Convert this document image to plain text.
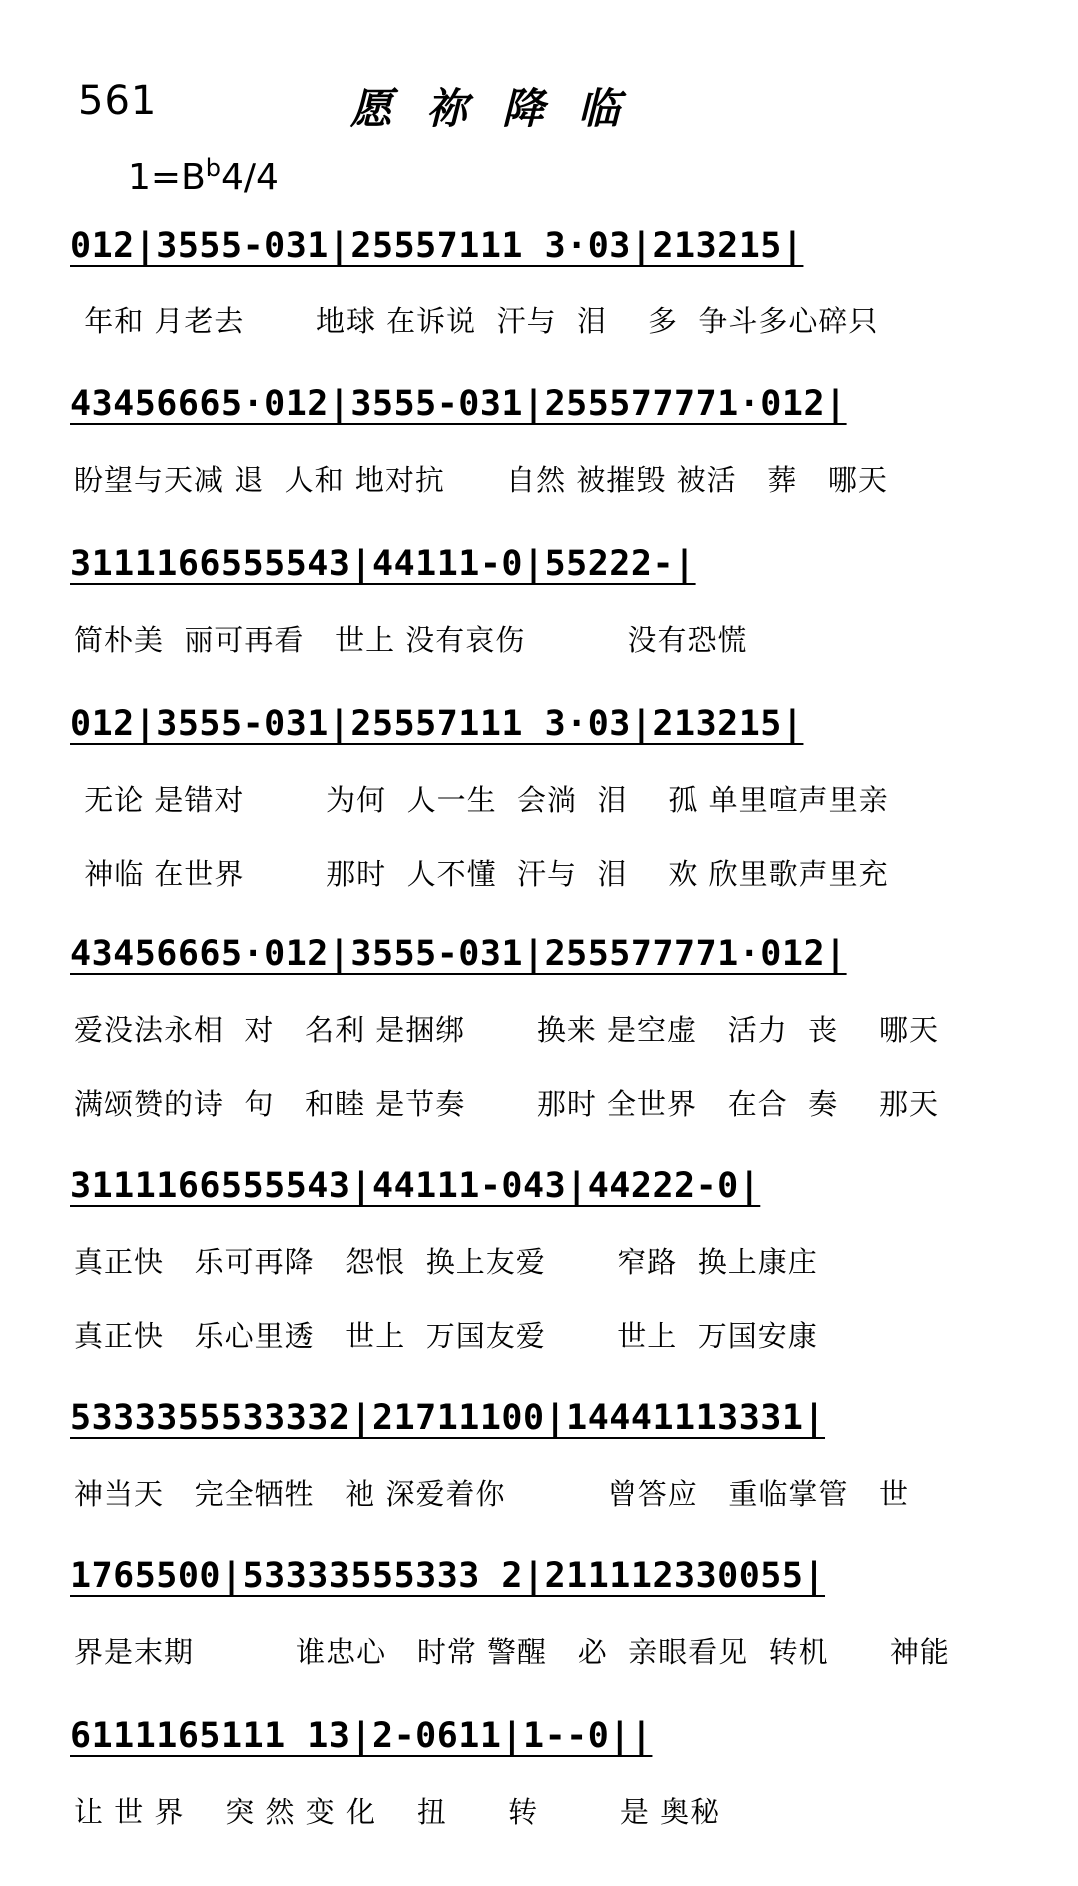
561	愿祢降临
$1=B^b4/4$
012|3555-031|25557111 3·03|213215|
年和 月老去       地球 在诉说  汗与  泪    多  争斗多心碎只
43456665·012|3555-031|255577771·012|
盼望与天减 退  人和 地对抗      自然 被摧毁 被活   葬   哪天
3111166555543|44111-0|55222-|
简朴美  丽可再看   世上 没有哀伤          没有恐慌
012|3555-031|25557111 3·03|213215|
无论 是错对        为何  人一生  会淌  泪    孤 单里喧声里亲
神临 在世界        那时  人不懂  汗与  泪    欢 欣里歌声里充
43456665·012|3555-031|255577771·012|
爱没法永相  对   名利 是捆绑       换来 是空虚   活力  丧    哪天
满颂赞的诗  句   和睦 是节奏       那时 全世界   在合  奏    那天
3111166555543|44111-043|44222-0|
真正快   乐可再降   怨恨  换上友爱       窄路  换上康庄
真正快   乐心里透   世上  万国友爱       世上  万国安康
5333355533332|21711100|14441113331|
神当天   完全牺牲   祂 深爱着你          曾答应   重临掌管   世
1765500|53333555333 2|211112330055|
界是末期          谁忠心   时常 警醒   必  亲眼看见  转机      神能
6111165111 13|2-0611|1--0||
让 世 界    突 然 变 化    扭      转        是 奥秘
